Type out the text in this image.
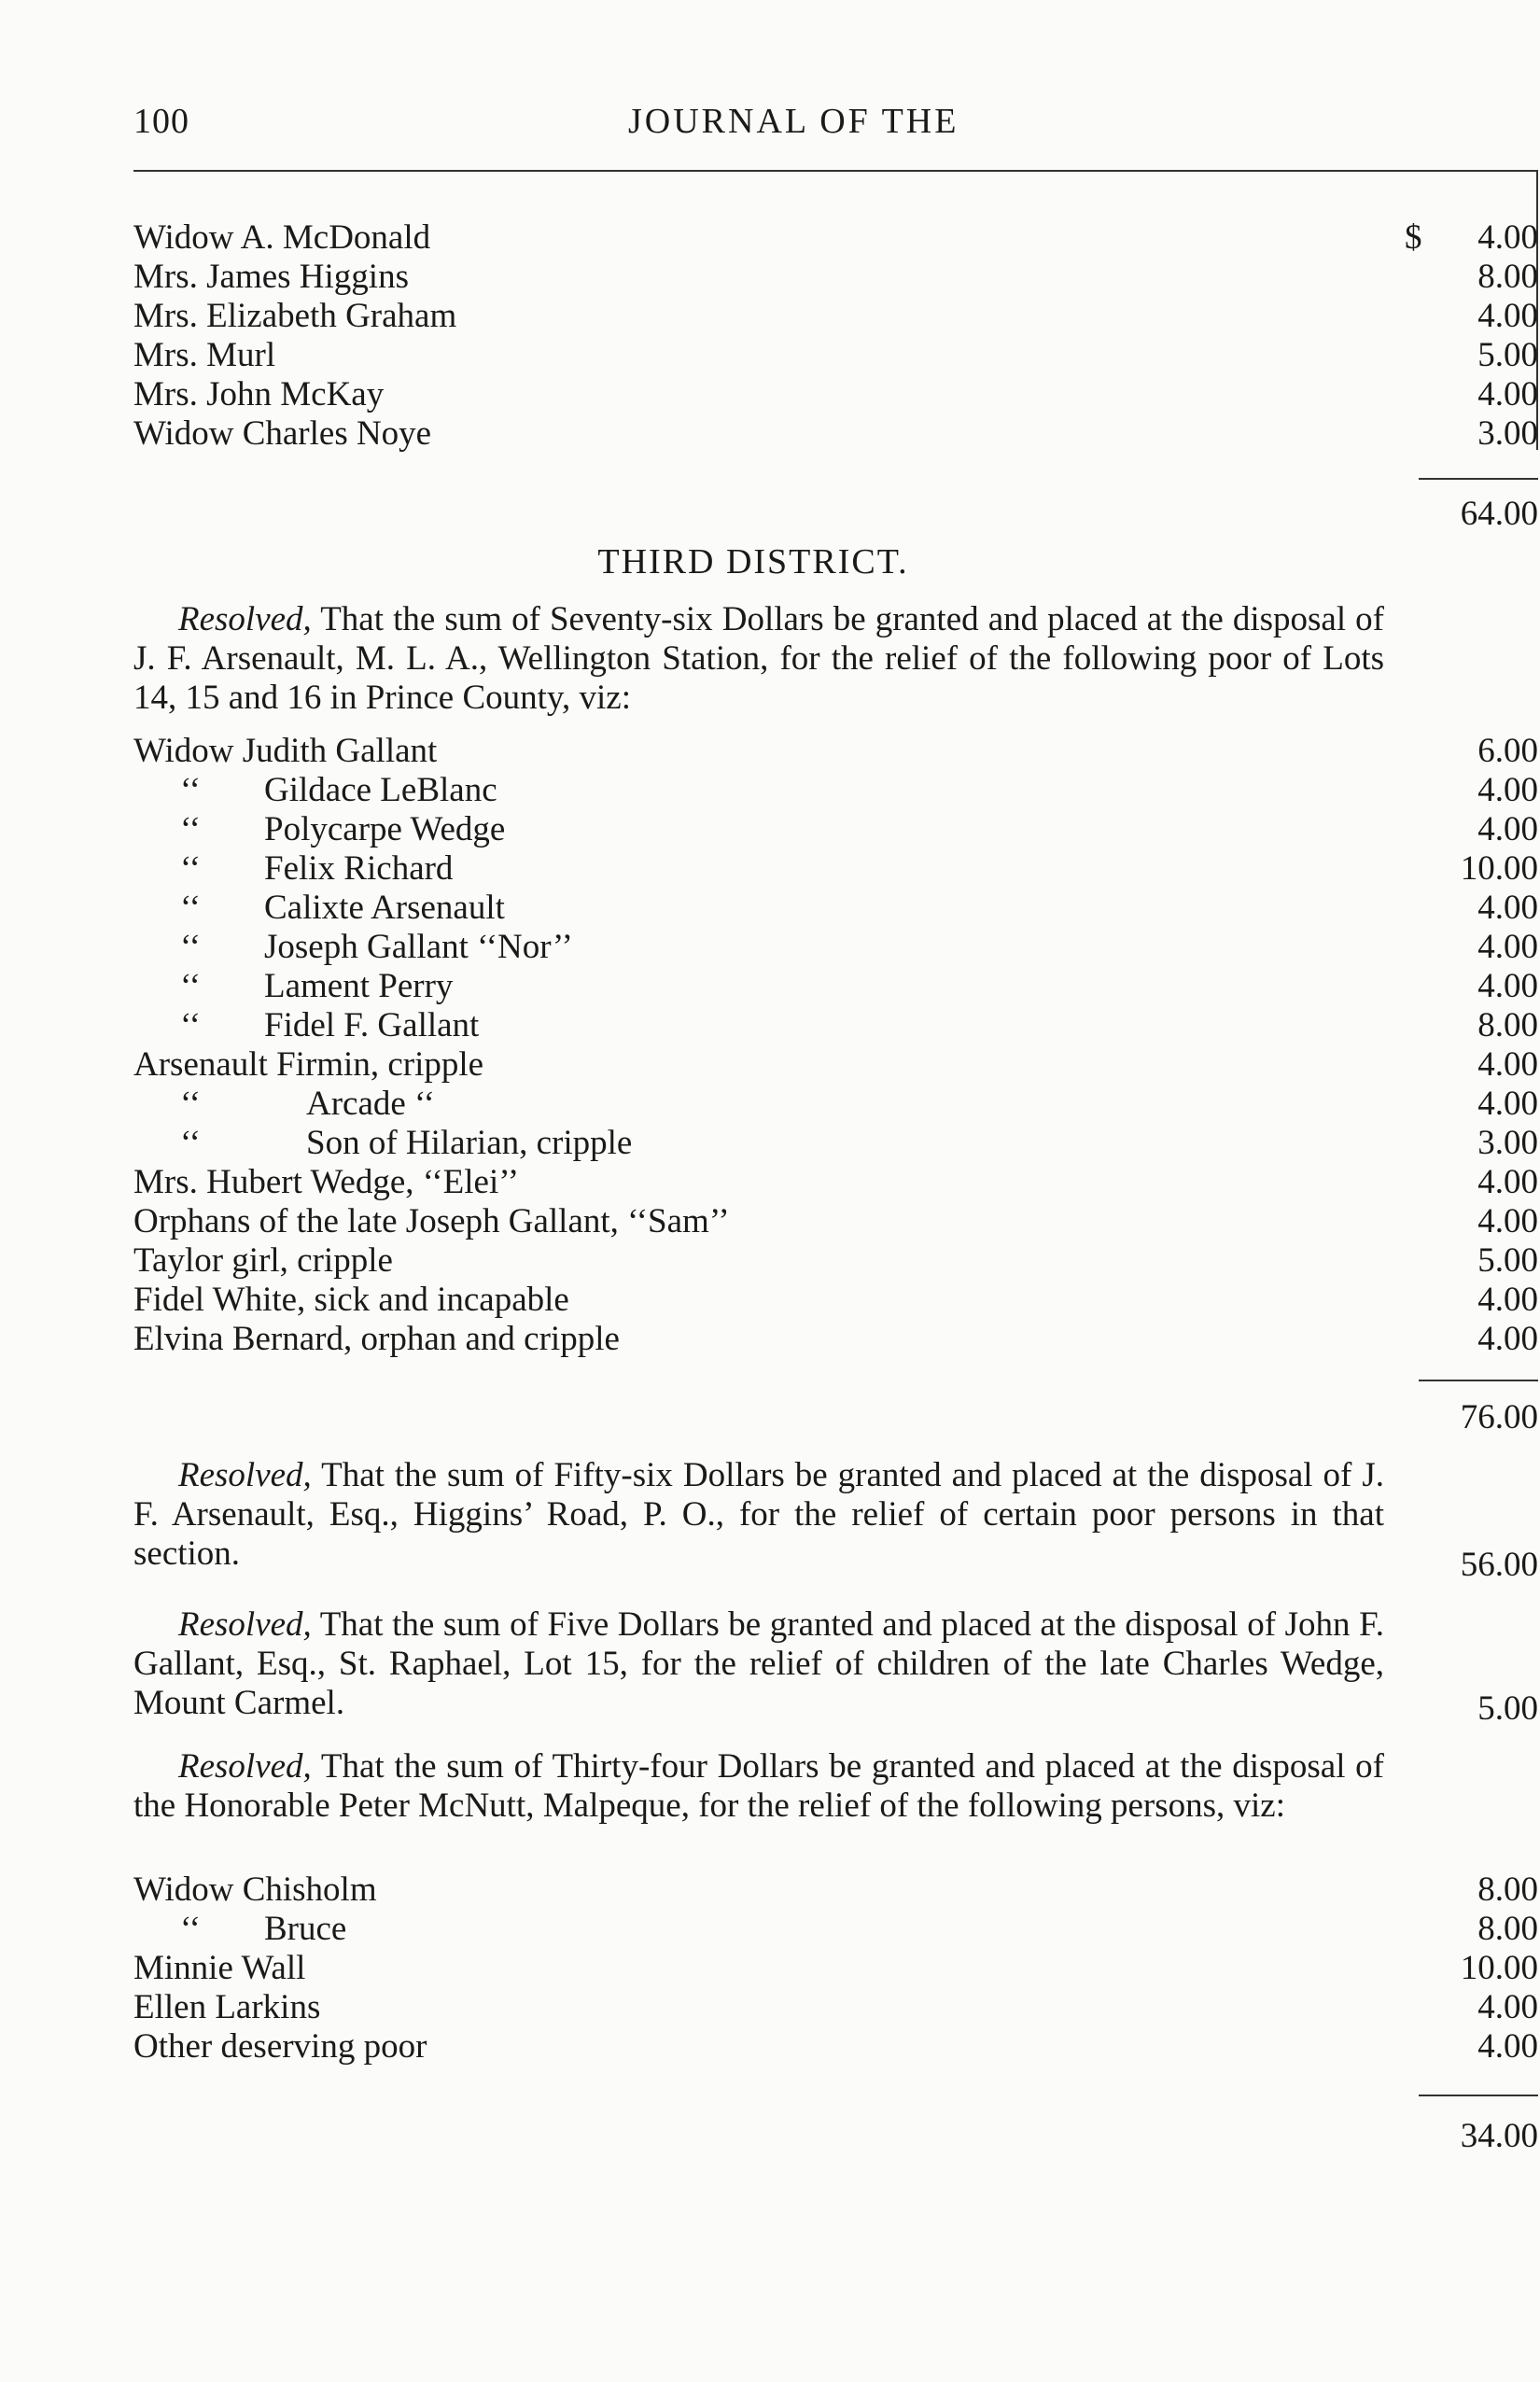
100	JOURNAL OF THE
Widow A. McDonald	$ 4.00
Mrs. James Higgins	8.00
Mrs. Elizabeth Graham	4.00
Mrs. Murl	5.00
Mrs. John McKay	4.00
Widow Charles Noye	3.00
64.00
THIRD DISTRICT.
Resolved, That the sum of Seventy-six Dollars be granted and placed at the disposal of J. F. Arsenault, M. L. A., Wellington Station, for the relief of the following poor of Lots 14, 15 and 16 in Prince County, viz:
Widow Judith Gallant	6.00
‘‘ Gildace LeBlanc	4.00
‘‘ Polycarpe Wedge	4.00
‘‘ Felix Richard	10.00
‘‘ Calixte Arsenault	4.00
‘‘ Joseph Gallant ‘‘Nor’’	4.00
‘‘ Lament Perry	4.00
‘‘ Fidel F. Gallant	8.00
Arsenault Firmin, cripple	4.00
‘‘	Arcade ‘‘	4.00
‘‘	Son of Hilarian, cripple	3.00
Mrs. Hubert Wedge, ‘‘Elei’’	4.00
Orphans of the late Joseph Gallant, ‘‘Sam’’	4.00
Taylor girl, cripple	5.00
Fidel White, sick and incapable	4.00
Elvina Bernard, orphan and cripple	4.00
76.00
Resolved, That the sum of Fifty-six Dollars be granted and placed at the disposal of J. F. Arsenault, Esq., Higgins’ Road, P. O., for the relief of certain poor persons in that section.	56.00
Resolved, That the sum of Five Dollars be granted and placed at the disposal of John F. Gallant, Esq., St. Raphael, Lot 15, for the relief of children of the late Charles Wedge, Mount Carmel.	5.00
Resolved, That the sum of Thirty-four Dollars be granted and placed at the disposal of the Honorable Peter McNutt, Malpeque, for the relief of the following persons, viz:
Widow Chisholm	8.00
‘‘ Bruce	8.00
Minnie Wall	10.00
Ellen Larkins	4.00
Other deserving poor	4.00
34.00
